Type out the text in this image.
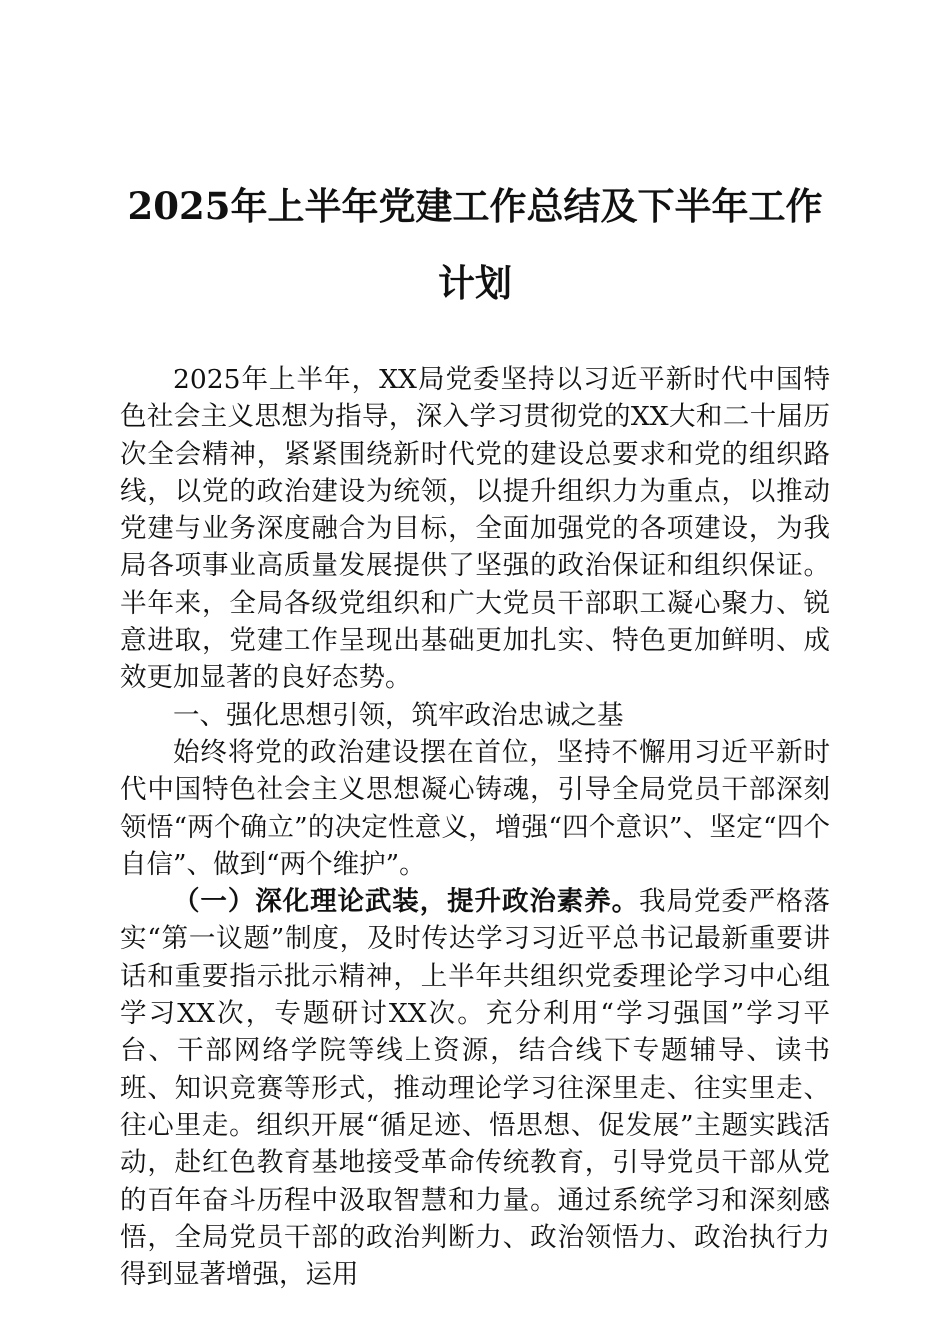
2025年上半年党建工作总结及下半年工作计划

2025年上半年，XX局党委坚持以习近平新时代中国特色社会主义思想为指导，深入学习贯彻党的XX大和二十届历次全会精神，紧紧围绕新时代党的建设总要求和党的组织路线，以党的政治建设为统领，以提升组织力为重点，以推动党建与业务深度融合为目标，全面加强党的各项建设，为我局各项事业高质量发展提供了坚强的政治保证和组织保证。半年来，全局各级党组织和广大党员干部职工凝心聚力、锐意进取，党建工作呈现出基础更加扎实、特色更加鲜明、成效更加显著的良好态势。

一、强化思想引领，筑牢政治忠诚之基

始终将党的政治建设摆在首位，坚持不懈用习近平新时代中国特色社会主义思想凝心铸魂，引导全局党员干部深刻领悟“两个确立”的决定性意义，增强“四个意识”、坚定“四个自信”、做到“两个维护”。

（一）深化理论武装，提升政治素养。我局党委严格落实“第一议题”制度，及时传达学习习近平总书记最新重要讲话和重要指示批示精神，上半年共组织党委理论学习中心组学习XX次，专题研讨XX次。充分利用“学习强国”学习平台、干部网络学院等线上资源，结合线下专题辅导、读书班、知识竞赛等形式，推动理论学习往深里走、往实里走、往心里走。组织开展“循足迹、悟思想、促发展”主题实践活动，赴红色教育基地接受革命传统教育，引导党员干部从党的百年奋斗历程中汲取智慧和力量。通过系统学习和深刻感悟，全局党员干部的政治判断力、政治领悟力、政治执行力得到显著增强，运用
